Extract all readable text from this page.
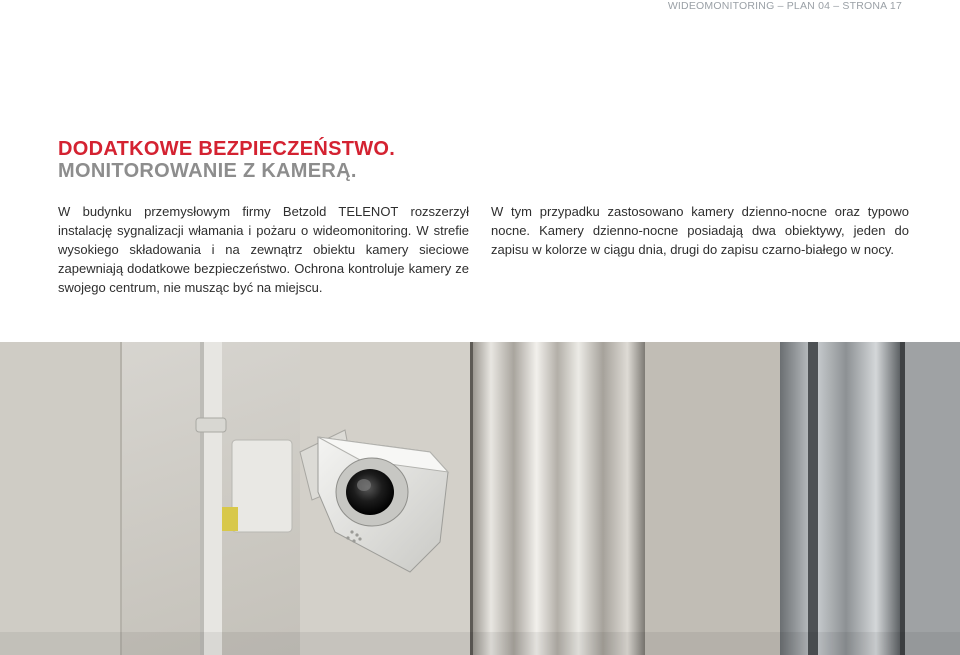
WIDEOMONITORING – PLAN 04 – STRONA 17
DODATKOWE BEZPIECZEŃSTWO.
MONITOROWANIE Z KAMERĄ.

W budynku przemysłowym firmy Betzold TELENOT rozszerzył instalację sygnalizacji włamania i pożaru o wideomonitoring. W strefie wysokiego składowania i na zewnątrz obiektu kamery sieciowe zapewniają dodatkowe bezpieczeństwo. Ochrona kontroluje kamery ze swojego centrum, nie musząc być na miejscu.

W tym przypadku zastosowano kamery dzienno-nocne oraz typowo nocne. Kamery dzienno-nocne posiadają dwa obiektywy, jeden do zapisu w kolorze w ciągu dnia, drugi do zapisu czarno-białego w nocy.
